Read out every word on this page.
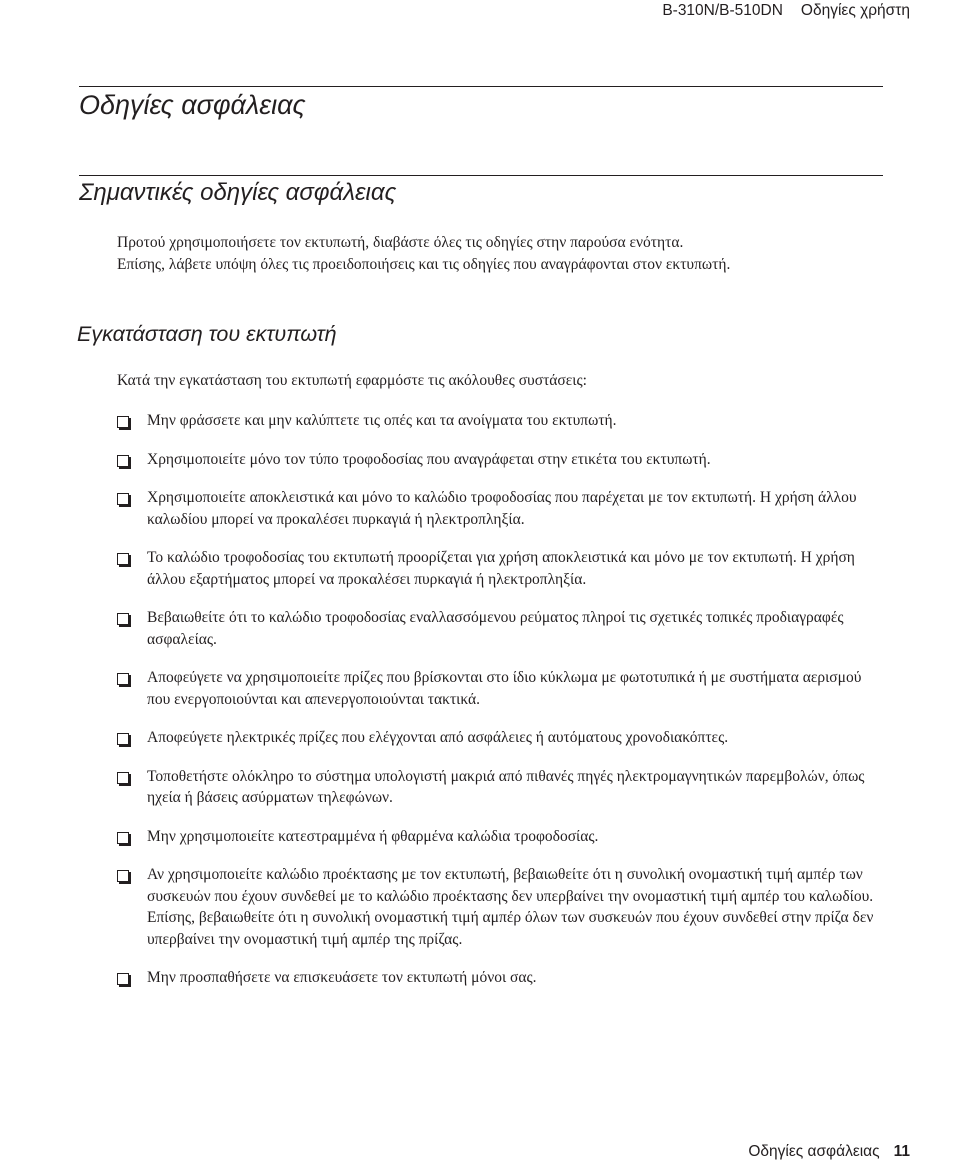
B-310N/B-510DN Οδηγίες χρήστη
Οδηγίες ασφάλειας
Σημαντικές οδηγίες ασφάλειας

Προτού χρησιμοποιήσετε τον εκτυπωτή, διαβάστε όλες τις οδηγίες στην παρούσα ενότητα.
Επίσης, λάβετε υπόψη όλες τις προειδοποιήσεις και τις οδηγίες που αναγράφονται στον εκτυπωτή.

Εγκατάσταση του εκτυπωτή

Κατά την εγκατάσταση του εκτυπωτή εφαρμόστε τις ακόλουθες συστάσεις:

Μην φράσσετε και μην καλύπτετε τις οπές και τα ανοίγματα του εκτυπωτή.
Χρησιμοποιείτε μόνο τον τύπο τροφοδοσίας που αναγράφεται στην ετικέτα του εκτυπωτή.
Χρησιμοποιείτε αποκλειστικά και μόνο το καλώδιο τροφοδοσίας που παρέχεται με τον εκτυπωτή. Η χρήση άλλου καλωδίου μπορεί να προκαλέσει πυρκαγιά ή ηλεκτροπληξία.
Το καλώδιο τροφοδοσίας του εκτυπωτή προορίζεται για χρήση αποκλειστικά και μόνο με τον εκτυπωτή. Η χρήση άλλου εξαρτήματος μπορεί να προκαλέσει πυρκαγιά ή ηλεκτροπληξία.
Βεβαιωθείτε ότι το καλώδιο τροφοδοσίας εναλλασσόμενου ρεύματος πληροί τις σχετικές τοπικές προδιαγραφές ασφαλείας.
Αποφεύγετε να χρησιμοποιείτε πρίζες που βρίσκονται στο ίδιο κύκλωμα με φωτοτυπικά ή με συστήματα αερισμού που ενεργοποιούνται και απενεργοποιούνται τακτικά.
Αποφεύγετε ηλεκτρικές πρίζες που ελέγχονται από ασφάλειες ή αυτόματους χρονοδιακόπτες.
Τοποθετήστε ολόκληρο το σύστημα υπολογιστή μακριά από πιθανές πηγές ηλεκτρομαγνητικών παρεμβολών, όπως ηχεία ή βάσεις ασύρματων τηλεφώνων.
Μην χρησιμοποιείτε κατεστραμμένα ή φθαρμένα καλώδια τροφοδοσίας.
Αν χρησιμοποιείτε καλώδιο προέκτασης με τον εκτυπωτή, βεβαιωθείτε ότι η συνολική ονομαστική τιμή αμπέρ των συσκευών που έχουν συνδεθεί με το καλώδιο προέκτασης δεν υπερβαίνει την ονομαστική τιμή αμπέρ του καλωδίου. Επίσης, βεβαιωθείτε ότι η συνολική ονομαστική τιμή αμπέρ όλων των συσκευών που έχουν συνδεθεί στην πρίζα δεν υπερβαίνει την ονομαστική τιμή αμπέρ της πρίζας.
Μην προσπαθήσετε να επισκευάσετε τον εκτυπωτή μόνοι σας.
Οδηγίες ασφάλειας 11
